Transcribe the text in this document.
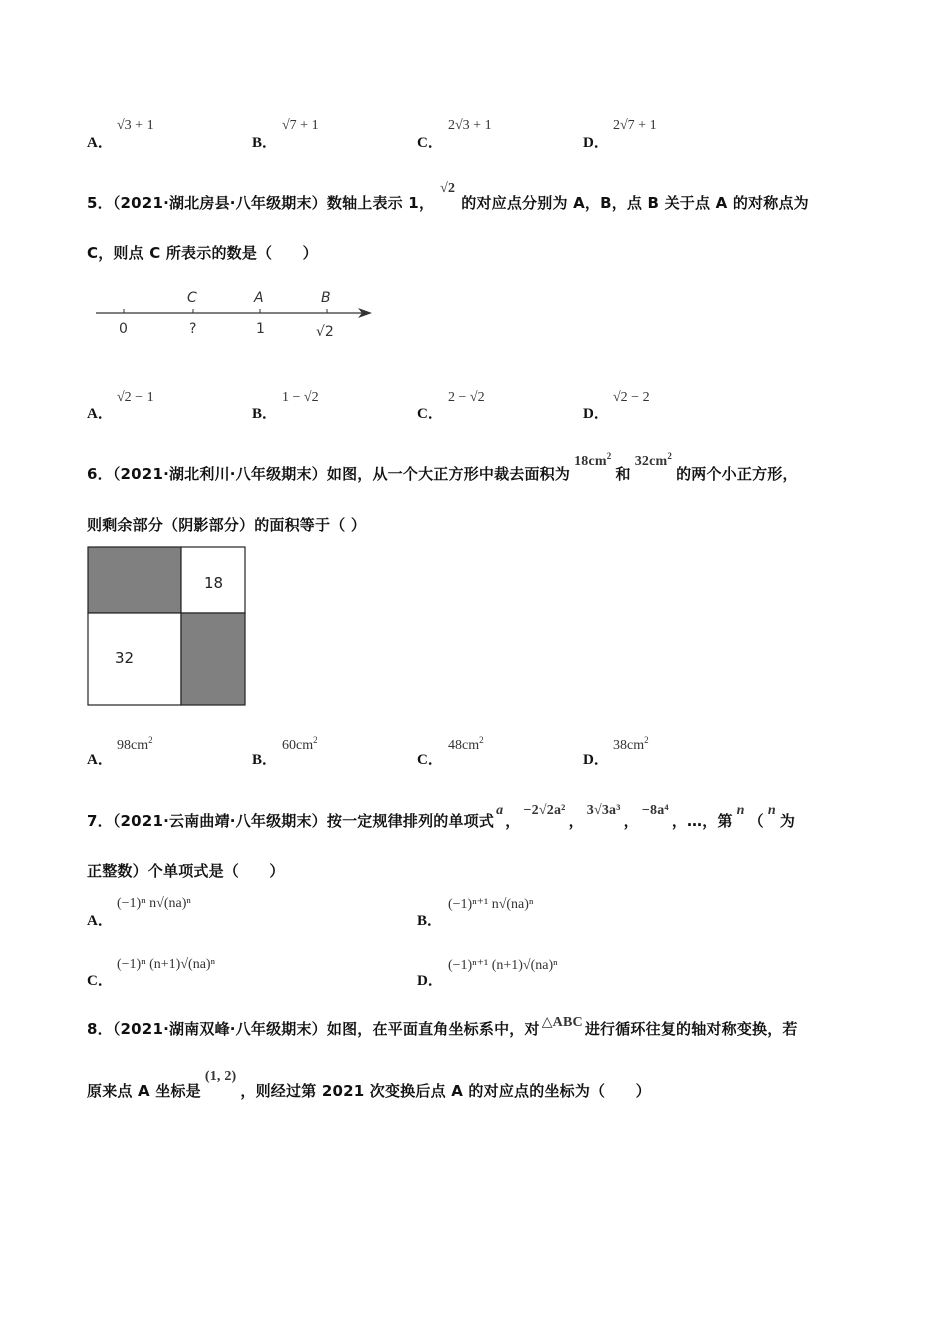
A．
√3 + 1
B．
√7 + 1
C．
2√3 + 1
D．
2√7 + 1
5．（2021·湖北房县·八年级期末）数轴上表示 1，√2的对应点分别为 A，B，点 B 关于点 A 的对称点为
C，则点 C 所表示的数是（　　）
C	A	B
0	?	1	√2
A．
√2 − 1
B．
1 − √2
C．
2 − √2
D．
√2 − 2
6．（2021·湖北利川·八年级期末）如图，从一个大正方形中裁去面积为$18cm^2$和$32cm^2$的两个小正方形，
则剩余部分（阴影部分）的面积等于（ ）
18
32
A．
$98cm^2$
B．
$60cm^2$
C．
$48cm^2$
D．
$38cm^2$
7．（2021·云南曲靖·八年级期末）按一定规律排列的单项式a，−2√2a²，3√3a³，−8a⁴，…，第n（n为
正整数）个单项式是（　　）
A．
(−1)ⁿ n√(na)ⁿ
B．
(−1)ⁿ⁺¹ n√(na)ⁿ
C．
(−1)ⁿ (n+1)√(na)ⁿ
D．
(−1)ⁿ⁺¹ (n+1)√(na)ⁿ
8．（2021·湖南双峰·八年级期末）如图，在平面直角坐标系中，对 △ABC 进行循环往复的轴对称变换，若
原来点 A 坐标是(1, 2)，则经过第 2021 次变换后点 A 的对应点的坐标为（　　）
